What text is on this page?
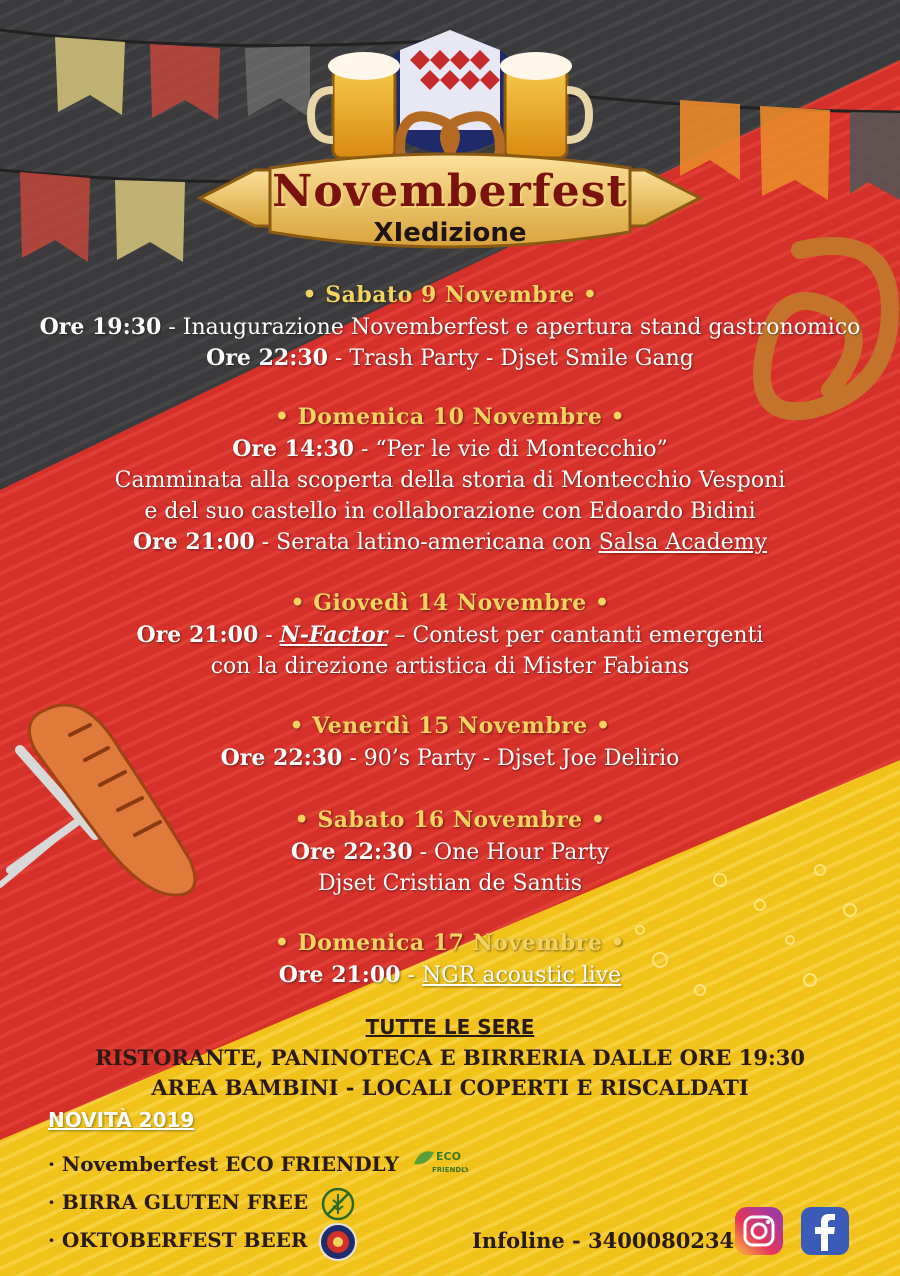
Novemberfest
XIedizione
• Sabato 9 Novembre •
Ore 19:30 - Inaugurazione Novemberfest e apertura stand gastronomico
Ore 22:30 - Trash Party - Djset Smile Gang
• Domenica 10 Novembre •
Ore 14:30 - “Per le vie di Montecchio”
Camminata alla scoperta della storia di Montecchio Vesponi
e del suo castello in collaborazione con Edoardo Bidini
Ore 21:00 - Serata latino-americana con Salsa Academy
• Giovedì 14 Novembre •
Ore 21:00 - N-Factor – Contest per cantanti emergenti
con la direzione artistica di Mister Fabians
• Venerdì 15 Novembre •
Ore 22:30 - 90’s Party - Djset Joe Delirio
• Sabato 16 Novembre •
Ore 22:30 - One Hour Party
Djset Cristian de Santis
• Domenica 17 Novembre •
Ore 21:00 - NGR acoustic live
TUTTE LE SERE
RISTORANTE, PANINOTECA E BIRRERIA DALLE ORE 19:30
AREA BAMBINI - LOCALI COPERTI E RISCALDATI
NOVITÀ 2019
· Novemberfest ECO FRIENDLY
· BIRRA GLUTEN FREE
· OKTOBERFEST BEER
ECO
FRIENDLY
Infoline - 3400080234
